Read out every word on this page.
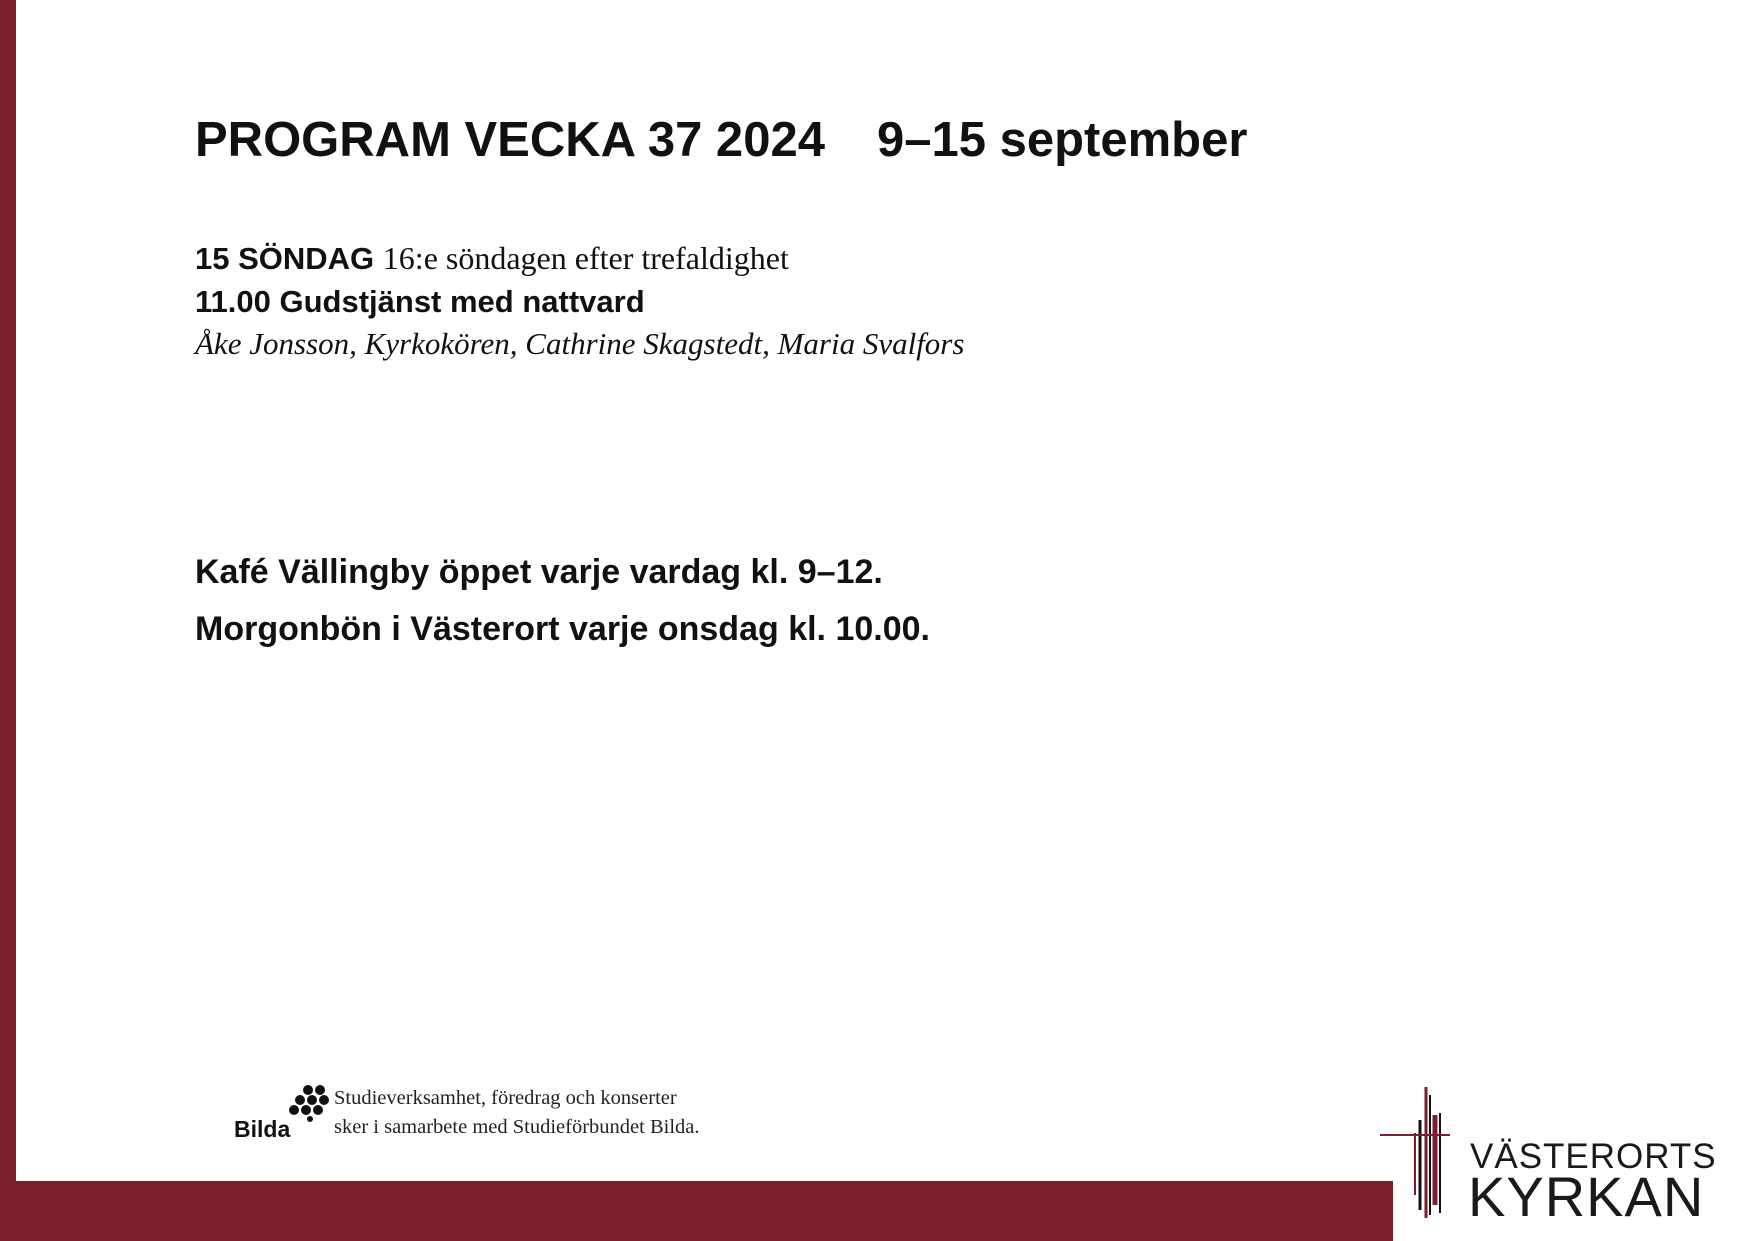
PROGRAM VECKA 37 2024 9–15 september
15 SÖNDAG 16:e söndagen efter trefaldighet
11.00 Gudstjänst med nattvard
Åke Jonsson, Kyrkokören, Cathrine Skagstedt, Maria Svalfors
Kafé Vällingby öppet varje vardag kl. 9–12.
Morgonbön i Västerort varje onsdag kl. 10.00.
Bilda
Studieverksamhet, föredrag och konserter
sker i samarbete med Studieförbundet Bilda.
VÄSTERORTS
KYRKAN
